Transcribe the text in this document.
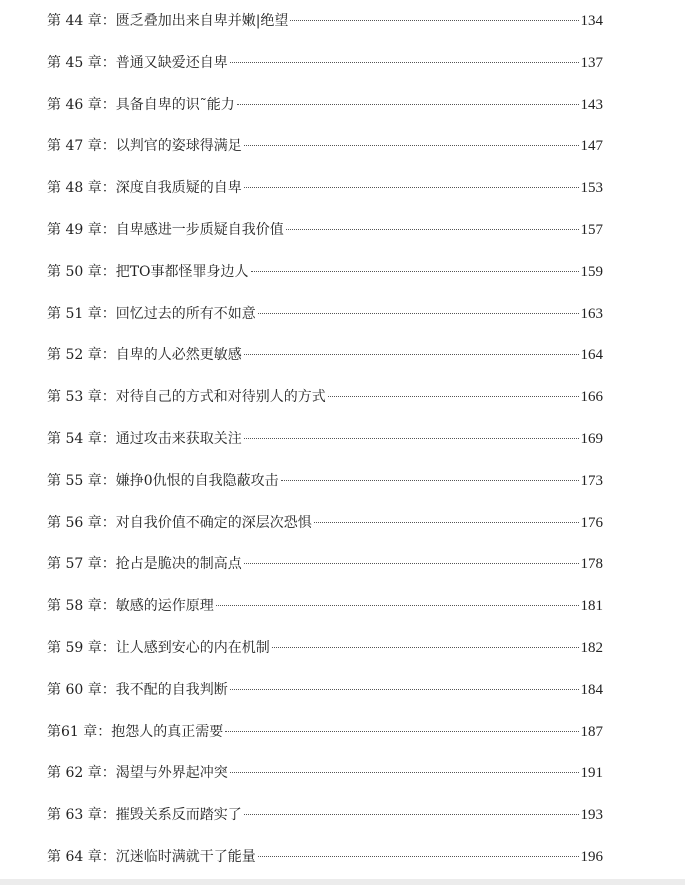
第 44 章 ： 匮乏叠加出来自卑并嫩|绝望	134
第 45 章 ： 普通又缺爱还自卑	137
第 46 章 ： 具备自卑的识˜能力	143
第 47 章 ： 以判官的姿球得满足	147
第 48 章 ： 深度自我质疑的自卑	153
第 49 章 ： 自卑感进一步质疑自我价值	157
第 50 章 ： 把TO事都怪罪身边人	159
第 51 章 ： 回忆过去的所有不如意	163
第 52 章 ： 自卑的人必然更敏感	164
第 53 章 ： 对待自己的方式和对待别人的方式	166
第 54 章 ： 通过攻击来获取关注	169
第 55 章 ： 嫌挣0仇恨的自我隐蔽攻击	173
第 56 章 ： 对自我价值不确定的深层次恐惧	176
第 57 章 ： 抢占是脆决的制高点	178
第 58 章 ： 敏感的运作原理	181
第 59 章 ： 让人感到安心的内在机制	182
第 60 章 ： 我不配的自我判断	184
第61 章 ： 抱怨人的真正需要	187
第 62 章 ： 渴望与外界起冲突	191
第 63 章 ： 摧毁关系反而踏实了	193
第 64 章 ： 沉迷临时满就干了能量	196
